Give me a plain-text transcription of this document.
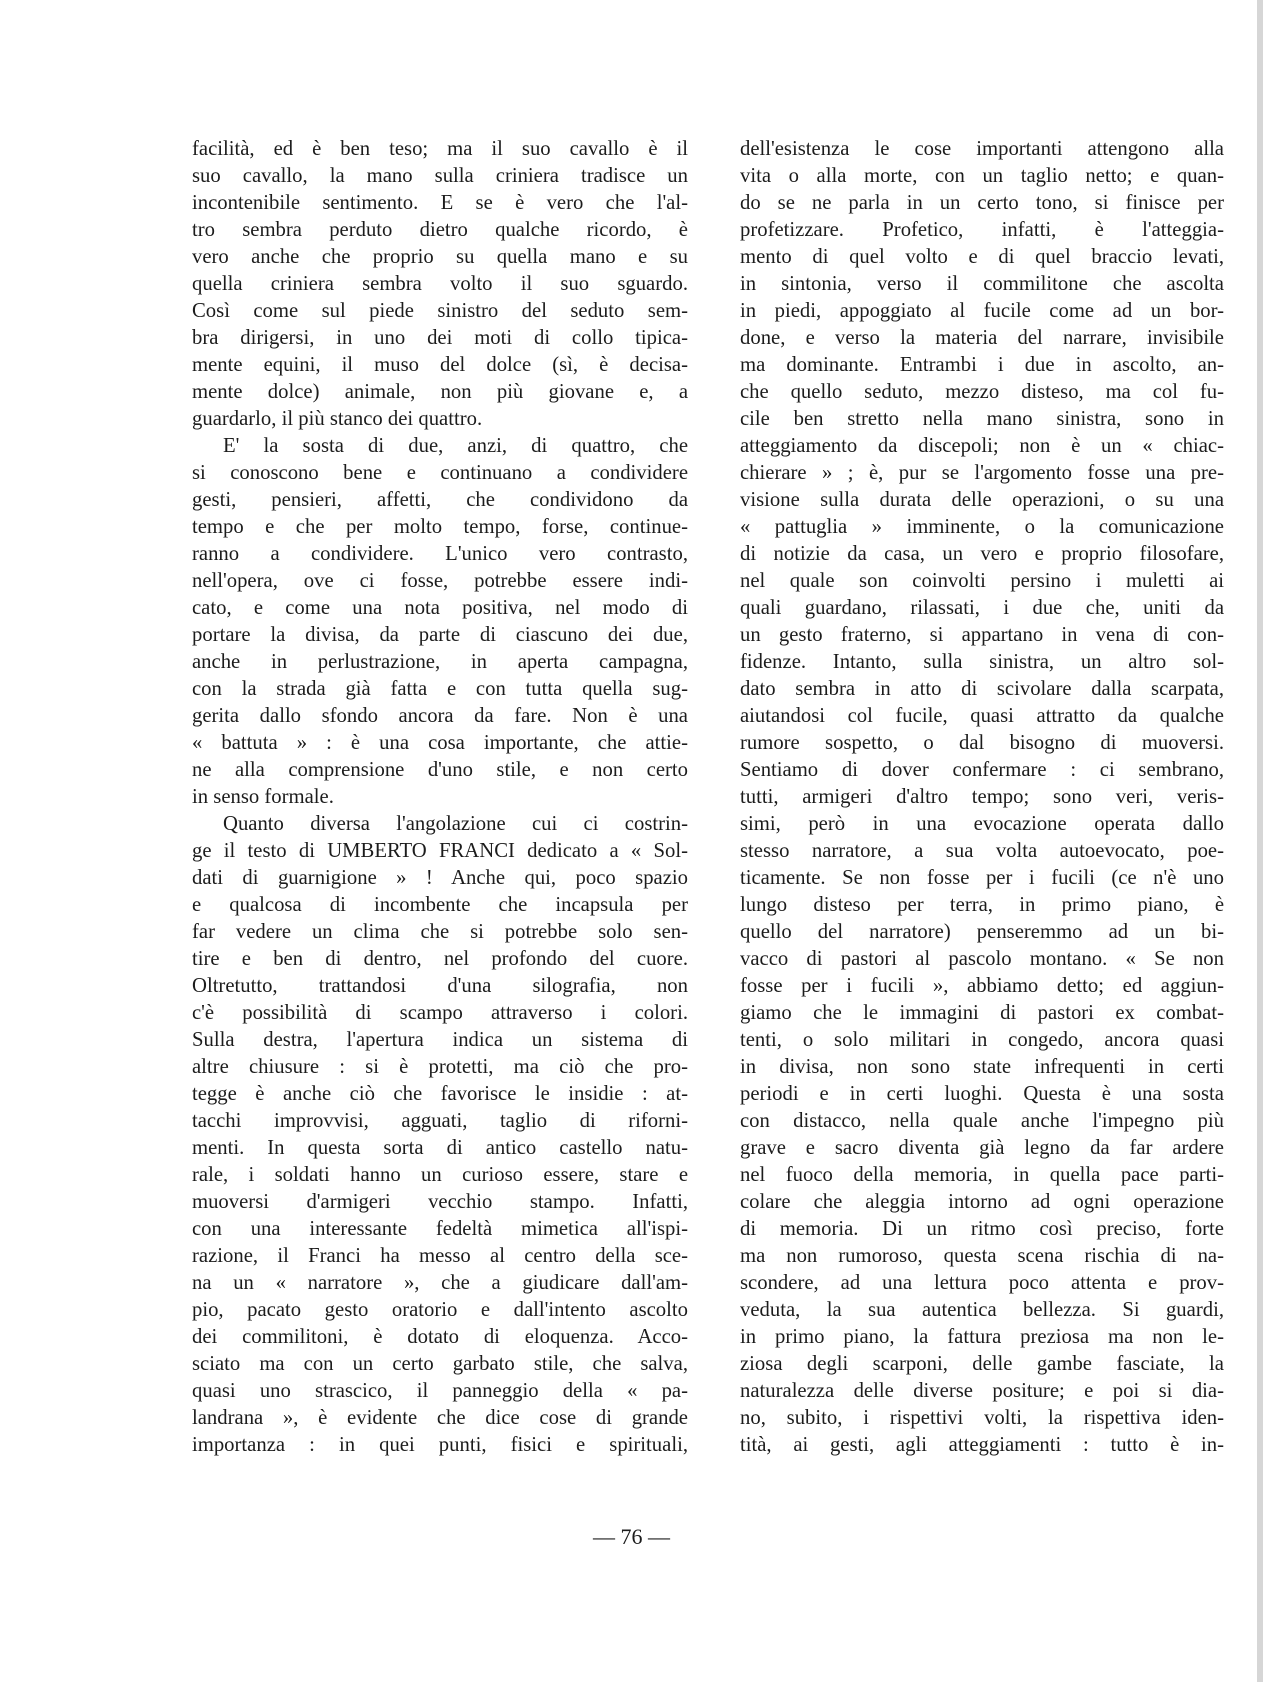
facilità, ed è ben teso; ma il suo cavallo è il
suo cavallo, la mano sulla criniera tradisce un
incontenibile sentimento. E se è vero che l'al-
tro sembra perduto dietro qualche ricordo, è
vero anche che proprio su quella mano e su
quella criniera sembra volto il suo sguardo.
Così come sul piede sinistro del seduto sem-
bra dirigersi, in uno dei moti di collo tipica-
mente equini, il muso del dolce (sì, è decisa-
mente dolce) animale, non più giovane e, a
guardarlo, il più stanco dei quattro.
E' la sosta di due, anzi, di quattro, che
si conoscono bene e continuano a condividere
gesti, pensieri, affetti, che condividono da
tempo e che per molto tempo, forse, continue-
ranno a condividere. L'unico vero contrasto,
nell'opera, ove ci fosse, potrebbe essere indi-
cato, e come una nota positiva, nel modo di
portare la divisa, da parte di ciascuno dei due,
anche in perlustrazione, in aperta campagna,
con la strada già fatta e con tutta quella sug-
gerita dallo sfondo ancora da fare. Non è una
« battuta » : è una cosa importante, che attie-
ne alla comprensione d'uno stile, e non certo
in senso formale.
Quanto diversa l'angolazione cui ci costrin-
ge il testo di UMBERTO FRANCI dedicato a « Sol-
dati di guarnigione » ! Anche qui, poco spazio
e qualcosa di incombente che incapsula per
far vedere un clima che si potrebbe solo sen-
tire e ben di dentro, nel profondo del cuore.
Oltretutto, trattandosi d'una silografia, non
c'è possibilità di scampo attraverso i colori.
Sulla destra, l'apertura indica un sistema di
altre chiusure : si è protetti, ma ciò che pro-
tegge è anche ciò che favorisce le insidie : at-
tacchi improvvisi, agguati, taglio di riforni-
menti. In questa sorta di antico castello natu-
rale, i soldati hanno un curioso essere, stare e
muoversi d'armigeri vecchio stampo. Infatti,
con una interessante fedeltà mimetica all'ispi-
razione, il Franci ha messo al centro della sce-
na un « narratore », che a giudicare dall'am-
pio, pacato gesto oratorio e dall'intento ascolto
dei commilitoni, è dotato di eloquenza. Acco-
sciato ma con un certo garbato stile, che salva,
quasi uno strascico, il panneggio della « pa-
landrana », è evidente che dice cose di grande
importanza : in quei punti, fisici e spirituali,
dell'esistenza le cose importanti attengono alla
vita o alla morte, con un taglio netto; e quan-
do se ne parla in un certo tono, si finisce per
profetizzare. Profetico, infatti, è l'atteggia-
mento di quel volto e di quel braccio levati,
in sintonia, verso il commilitone che ascolta
in piedi, appoggiato al fucile come ad un bor-
done, e verso la materia del narrare, invisibile
ma dominante. Entrambi i due in ascolto, an-
che quello seduto, mezzo disteso, ma col fu-
cile ben stretto nella mano sinistra, sono in
atteggiamento da discepoli; non è un « chiac-
chierare » ; è, pur se l'argomento fosse una pre-
visione sulla durata delle operazioni, o su una
« pattuglia » imminente, o la comunicazione
di notizie da casa, un vero e proprio filosofare,
nel quale son coinvolti persino i muletti ai
quali guardano, rilassati, i due che, uniti da
un gesto fraterno, si appartano in vena di con-
fidenze. Intanto, sulla sinistra, un altro sol-
dato sembra in atto di scivolare dalla scarpata,
aiutandosi col fucile, quasi attratto da qualche
rumore sospetto, o dal bisogno di muoversi.
Sentiamo di dover confermare : ci sembrano,
tutti, armigeri d'altro tempo; sono veri, veris-
simi, però in una evocazione operata dallo
stesso narratore, a sua volta autoevocato, poe-
ticamente. Se non fosse per i fucili (ce n'è uno
lungo disteso per terra, in primo piano, è
quello del narratore) penseremmo ad un bi-
vacco di pastori al pascolo montano. « Se non
fosse per i fucili », abbiamo detto; ed aggiun-
giamo che le immagini di pastori ex combat-
tenti, o solo militari in congedo, ancora quasi
in divisa, non sono state infrequenti in certi
periodi e in certi luoghi. Questa è una sosta
con distacco, nella quale anche l'impegno più
grave e sacro diventa già legno da far ardere
nel fuoco della memoria, in quella pace parti-
colare che aleggia intorno ad ogni operazione
di memoria. Di un ritmo così preciso, forte
ma non rumoroso, questa scena rischia di na-
scondere, ad una lettura poco attenta e prov-
veduta, la sua autentica bellezza. Si guardi,
in primo piano, la fattura preziosa ma non le-
ziosa degli scarponi, delle gambe fasciate, la
naturalezza delle diverse positure; e poi si dia-
no, subito, i rispettivi volti, la rispettiva iden-
tità, ai gesti, agli atteggiamenti : tutto è in-
— 76 —
